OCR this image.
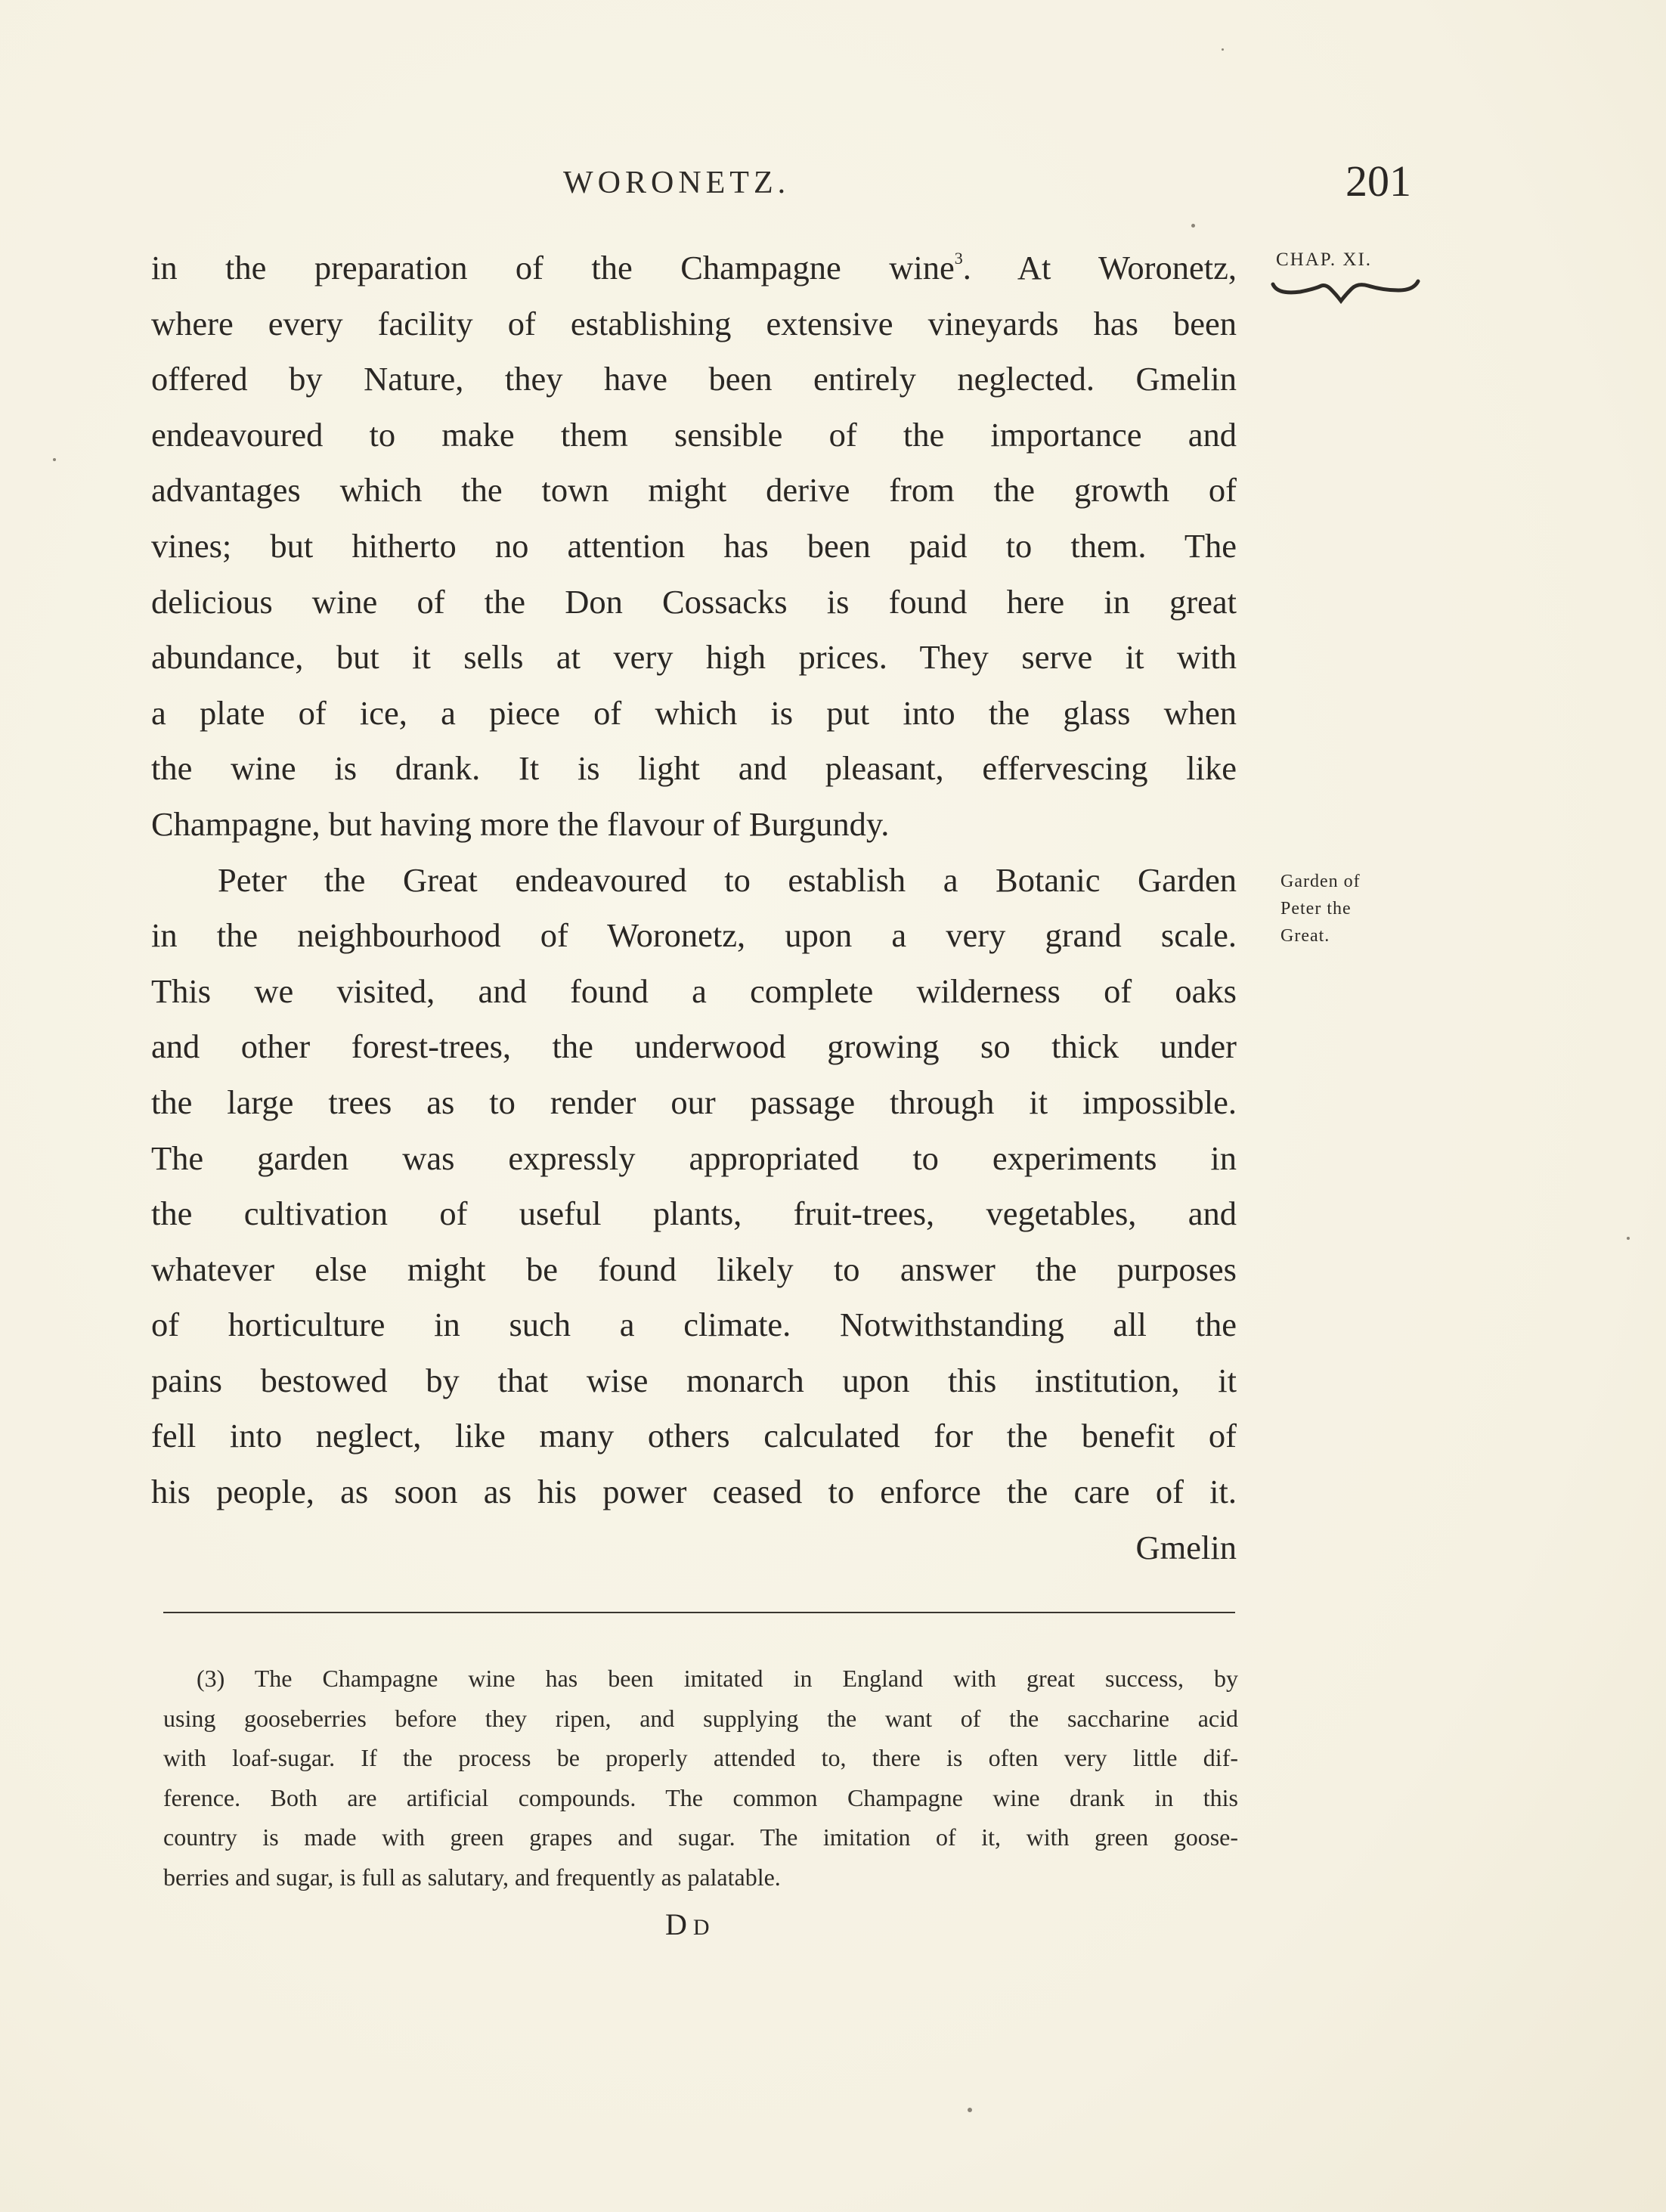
WORONETZ.	201
CHAP. XI.
Garden of
Peter the
Great.
in the preparation of the Champagne wine$^3$. At Woronetz,
where every facility of establishing extensive vineyards has been
offered by Nature, they have been entirely neglected. Gmelin
endeavoured to make them sensible of the importance and
advantages which the town might derive from the growth of
vines; but hitherto no attention has been paid to them. The
delicious wine of the Don Cossacks is found here in great
abundance, but it sells at very high prices. They serve it with
a plate of ice, a piece of which is put into the glass when
the wine is drank. It is light and pleasant, effervescing like
Champagne, but having more the flavour of Burgundy.
Peter the Great endeavoured to establish a Botanic Garden
in the neighbourhood of Woronetz, upon a very grand scale.
This we visited, and found a complete wilderness of oaks
and other forest-trees, the underwood growing so thick under
the large trees as to render our passage through it impossible.
The garden was expressly appropriated to experiments in
the cultivation of useful plants, fruit-trees, vegetables, and
whatever else might be found likely to answer the purposes
of horticulture in such a climate. Notwithstanding all the
pains bestowed by that wise monarch upon this institution, it
fell into neglect, like many others calculated for the benefit of
his people, as soon as his power ceased to enforce the care of it.
Gmelin
(3) The Champagne wine has been imitated in England with great success, by
using gooseberries before they ripen, and supplying the want of the saccharine acid
with loaf-sugar. If the process be properly attended to, there is often very little dif-
ference. Both are artificial compounds. The common Champagne wine drank in this
country is made with green grapes and sugar. The imitation of it, with green goose-
berries and sugar, is full as salutary, and frequently as palatable.
DD
